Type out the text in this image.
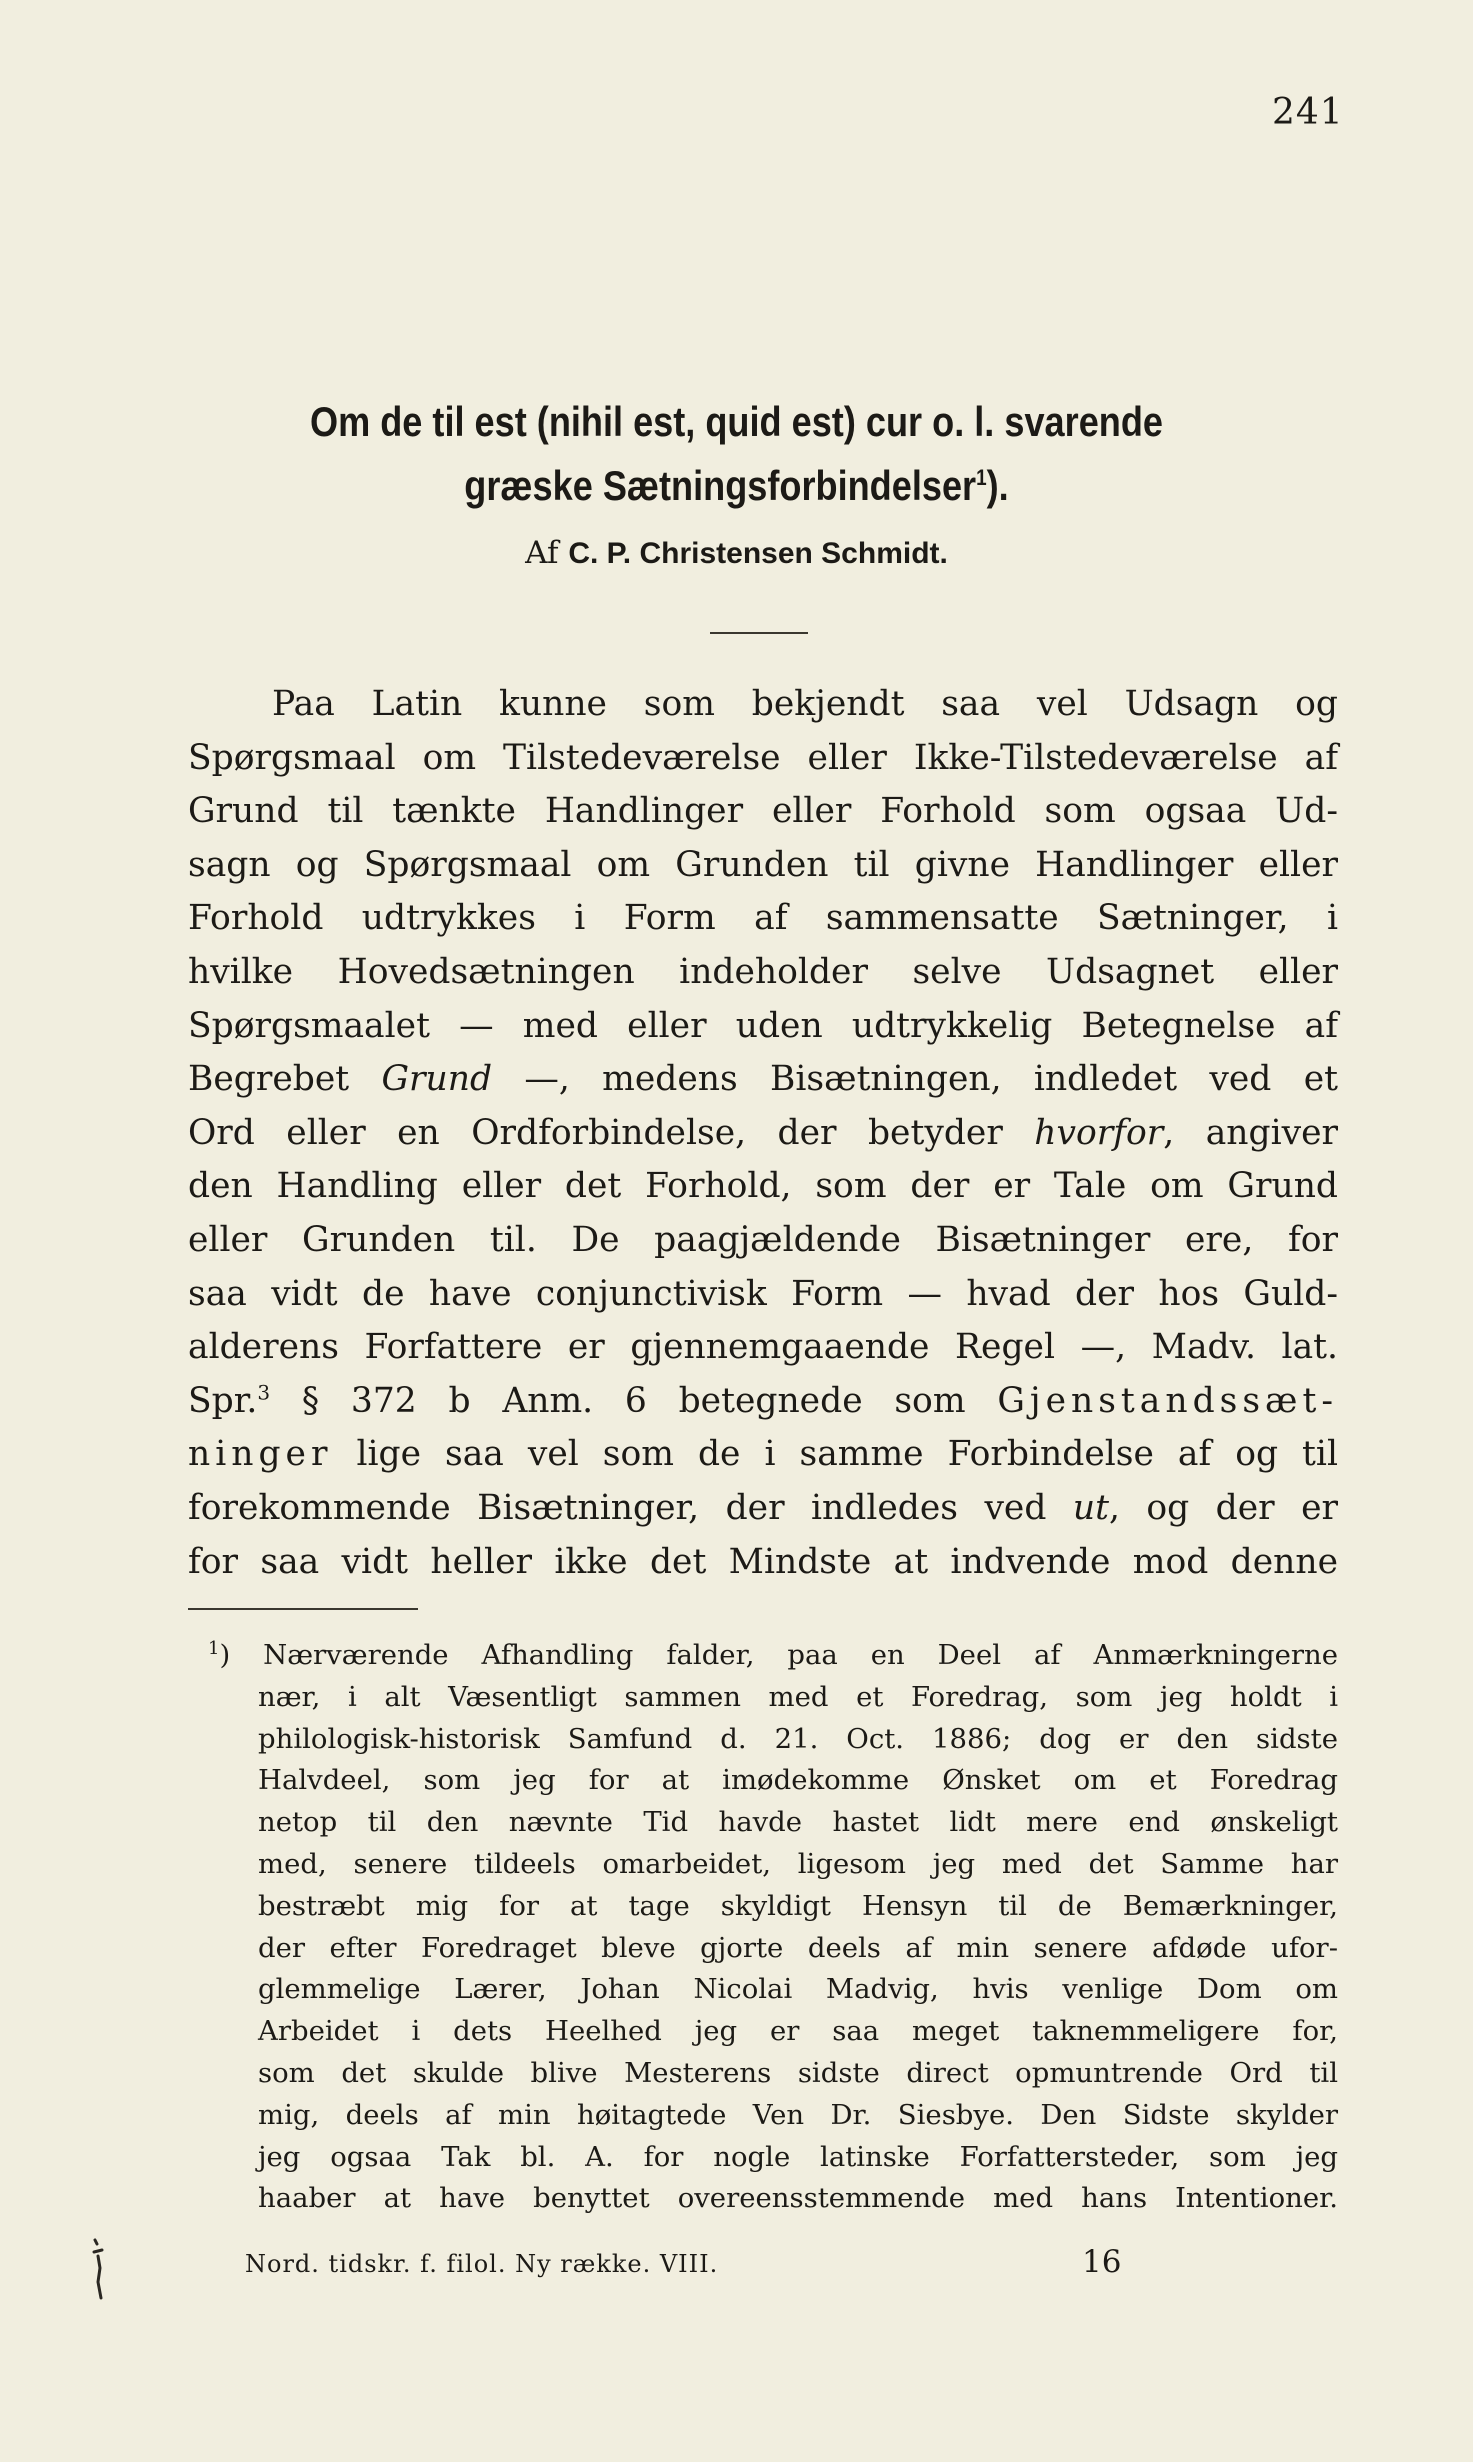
241
Om de til est (nihil est, quid est) cur o. l. svarende
græske Sætningsforbindelser$^1$).
Af C. P. Christensen Schmidt.
Paa Latin kunne som bekjendt saa vel Udsagn og
Spørgsmaal om Tilstedeværelse eller Ikke-Tilstedeværelse af
Grund til tænkte Handlinger eller Forhold som ogsaa Ud-
sagn og Spørgsmaal om Grunden til givne Handlinger eller
Forhold udtrykkes i Form af sammensatte Sætninger, i
hvilke Hovedsætningen indeholder selve Udsagnet eller
Spørgsmaalet — med eller uden udtrykkelig Betegnelse af
Begrebet Grund —, medens Bisætningen, indledet ved et
Ord eller en Ordforbindelse, der betyder hvorfor, angiver
den Handling eller det Forhold, som der er Tale om Grund
eller Grunden til. De paagjældende Bisætninger ere, for
saa vidt de have conjunctivisk Form — hvad der hos Guld-
alderens Forfattere er gjennemgaaende Regel —, Madv. lat.
Spr.$^3$ § 372 b Anm. 6 betegnede som Gjenstandssæt-
ninger lige saa vel som de i samme Forbindelse af og til
forekommende Bisætninger, der indledes ved ut, og der er
for saa vidt heller ikke det Mindste at indvende mod denne
$^1$) Nærværende Afhandling falder, paa en Deel af Anmærkningerne
nær, i alt Væsentligt sammen med et Foredrag, som jeg holdt i
philologisk-historisk Samfund d. 21. Oct. 1886; dog er den sidste
Halvdeel, som jeg for at imødekomme Ønsket om et Foredrag
netop til den nævnte Tid havde hastet lidt mere end ønskeligt
med, senere tildeels omarbeidet, ligesom jeg med det Samme har
bestræbt mig for at tage skyldigt Hensyn til de Bemærkninger,
der efter Foredraget bleve gjorte deels af min senere afdøde ufor-
glemmelige Lærer, Johan Nicolai Madvig, hvis venlige Dom om
Arbeidet i dets Heelhed jeg er saa meget taknemmeligere for,
som det skulde blive Mesterens sidste direct opmuntrende Ord til
mig, deels af min høitagtede Ven Dr. Siesbye. Den Sidste skylder
jeg ogsaa Tak bl. A. for nogle latinske Forfattersteder, som jeg
haaber at have benyttet overeensstemmende med hans Intentioner.
Nord. tidskr. f. filol. Ny række. VIII.	16
